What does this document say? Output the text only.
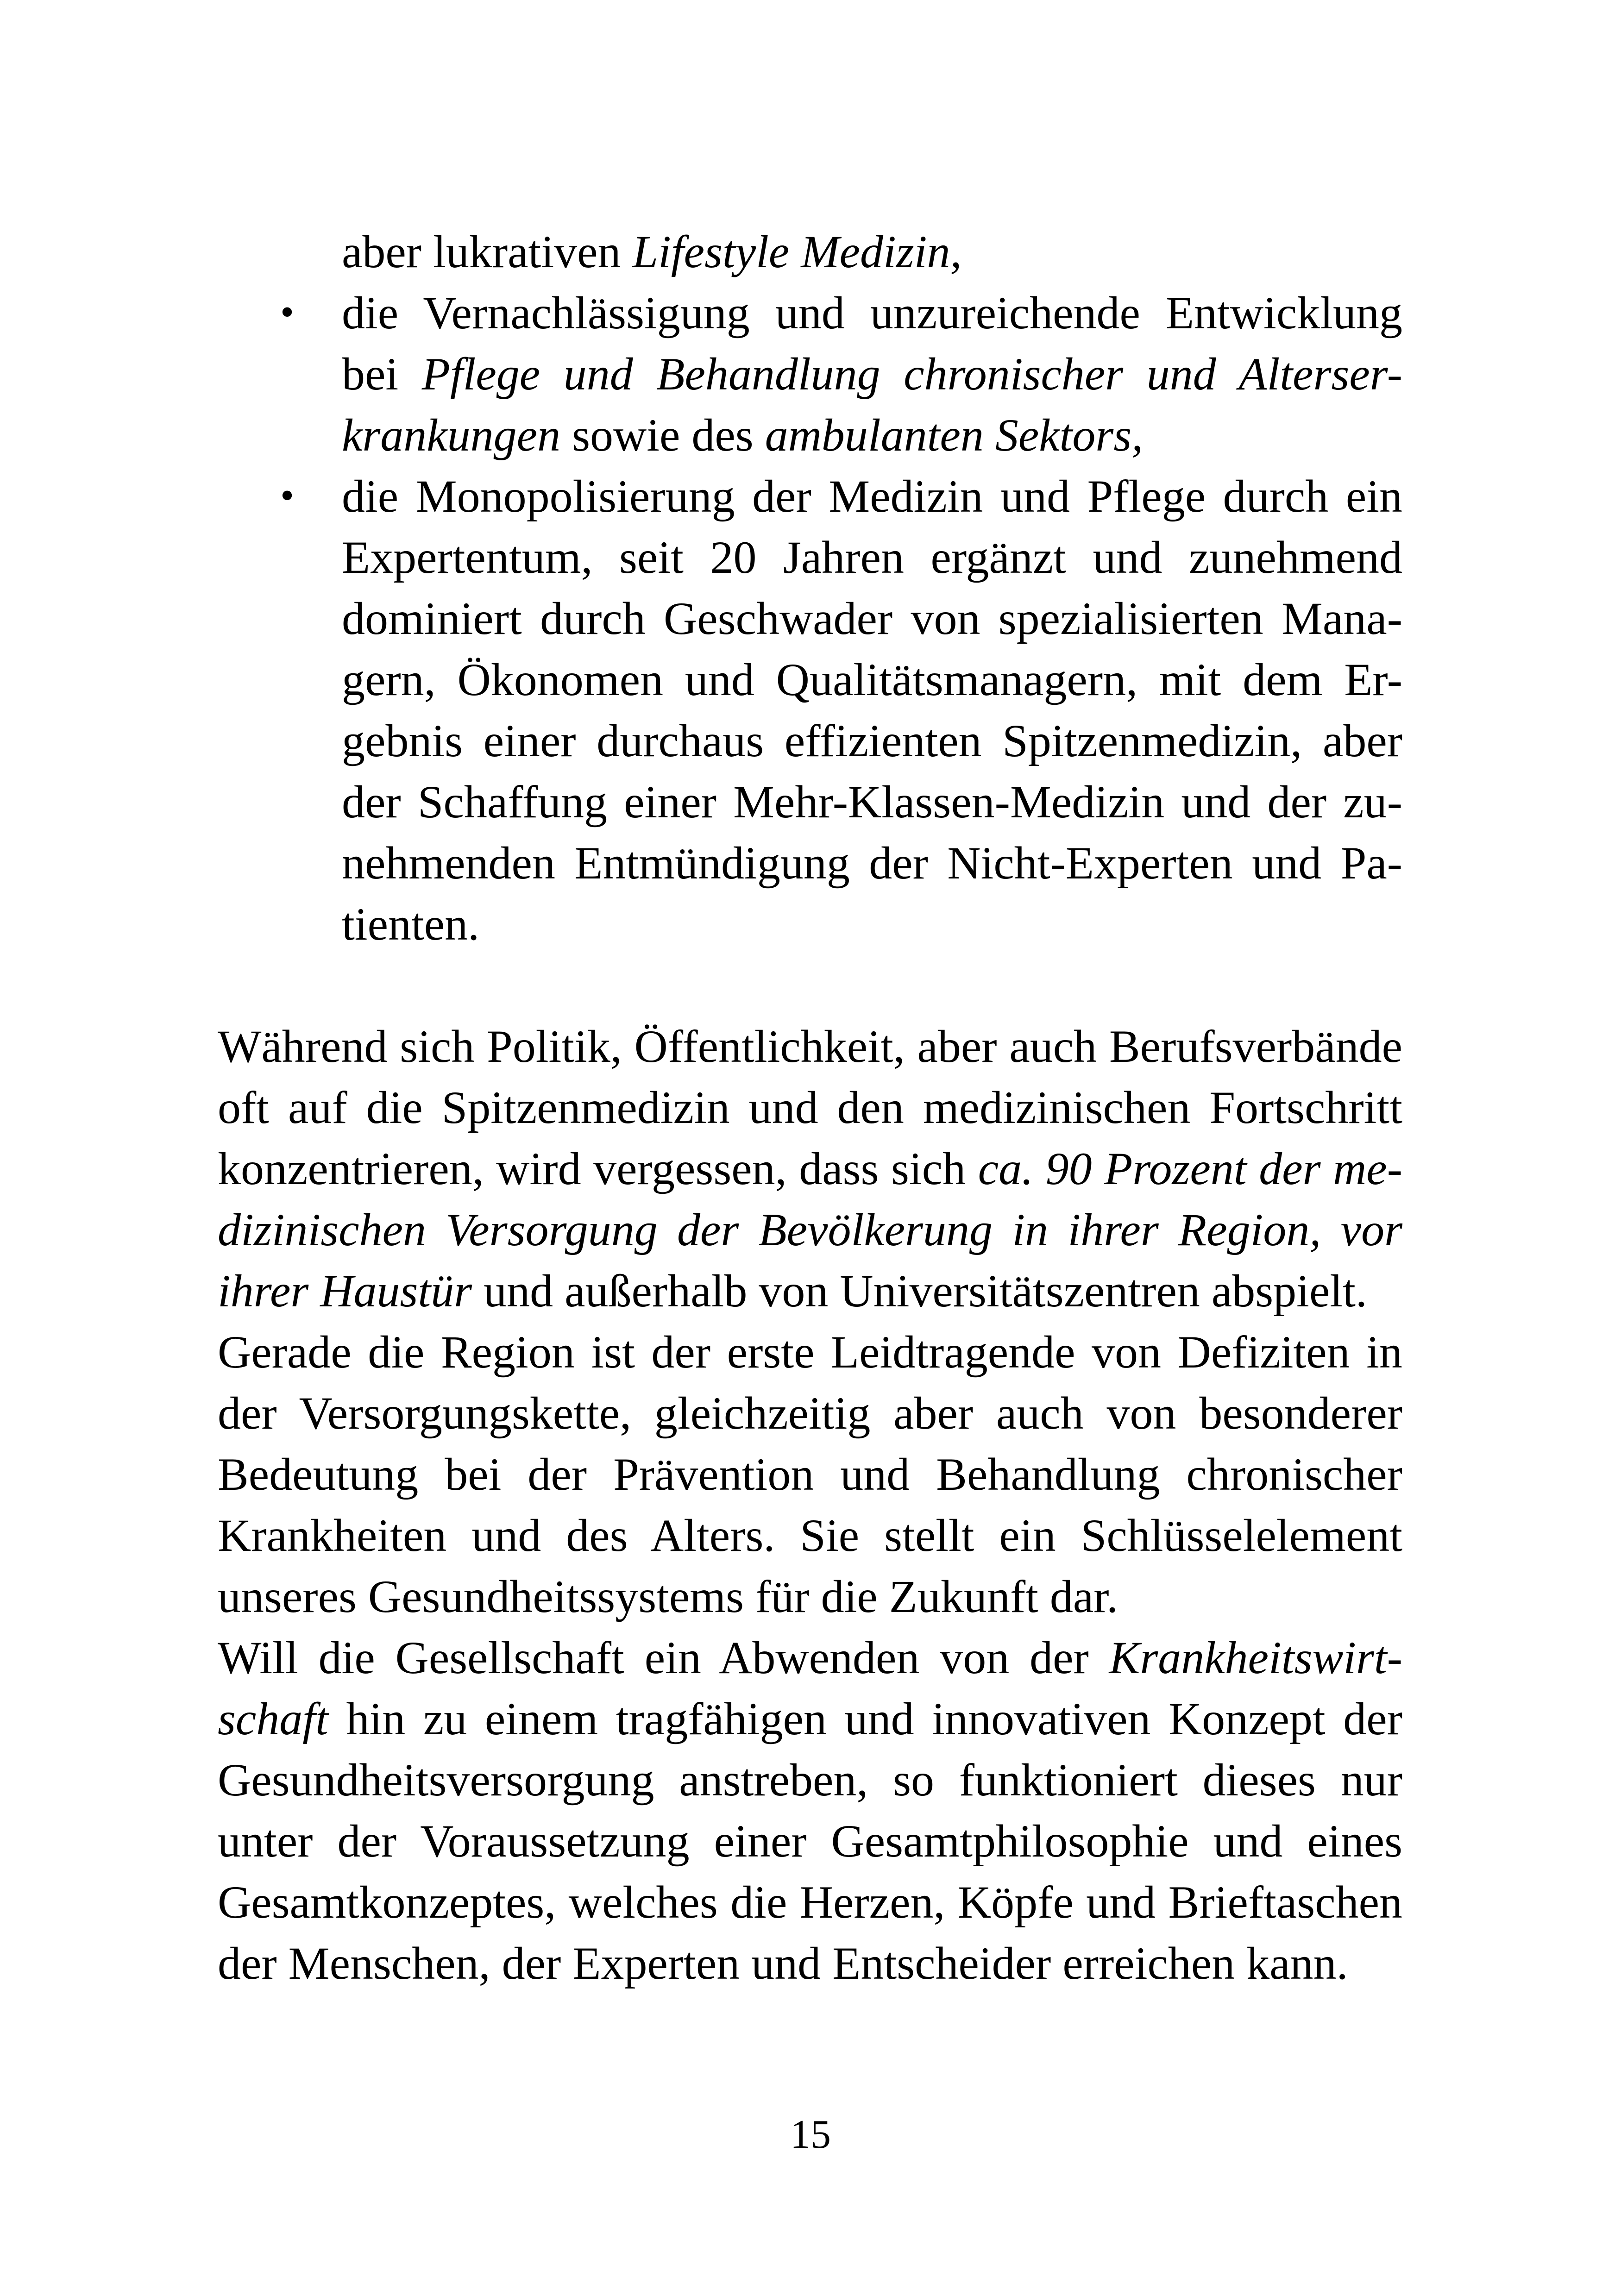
aber lukrativen Lifestyle Medizin,

• die Vernachlässigung und unzureichende Entwicklung

bei Pflege und Behandlung chronischer und Alterser-

krankungen sowie des ambulanten Sektors,

• die Monopolisierung der Medizin und Pflege durch ein

Expertentum, seit 20 Jahren ergänzt und zunehmend

dominiert durch Geschwader von spezialisierten Mana-

gern, Ökonomen und Qualitätsmanagern, mit dem Er-

gebnis einer durchaus effizienten Spitzenmedizin, aber

der Schaffung einer Mehr-Klassen-Medizin und der zu-

nehmenden Entmündigung der Nicht-Experten und Pa-

tienten.

Während sich Politik, Öffentlichkeit, aber auch Berufsverbände

oft auf die Spitzenmedizin und den medizinischen Fortschritt

konzentrieren, wird vergessen, dass sich ca. 90 Prozent der me-

dizinischen Versorgung der Bevölkerung in ihrer Region, vor

ihrer Haustür und außerhalb von Universitätszentren abspielt.

Gerade die Region ist der erste Leidtragende von Defiziten in

der Versorgungskette, gleichzeitig aber auch von besonderer

Bedeutung bei der Prävention und Behandlung chronischer

Krankheiten und des Alters. Sie stellt ein Schlüsselelement

unseres Gesundheitssystems für die Zukunft dar.

Will die Gesellschaft ein Abwenden von der Krankheitswirt-

schaft hin zu einem tragfähigen und innovativen Konzept der

Gesundheitsversorgung anstreben, so funktioniert dieses nur

unter der Voraussetzung einer Gesamtphilosophie und eines

Gesamtkonzeptes, welches die Herzen, Köpfe und Brieftaschen

der Menschen, der Experten und Entscheider erreichen kann.

15
